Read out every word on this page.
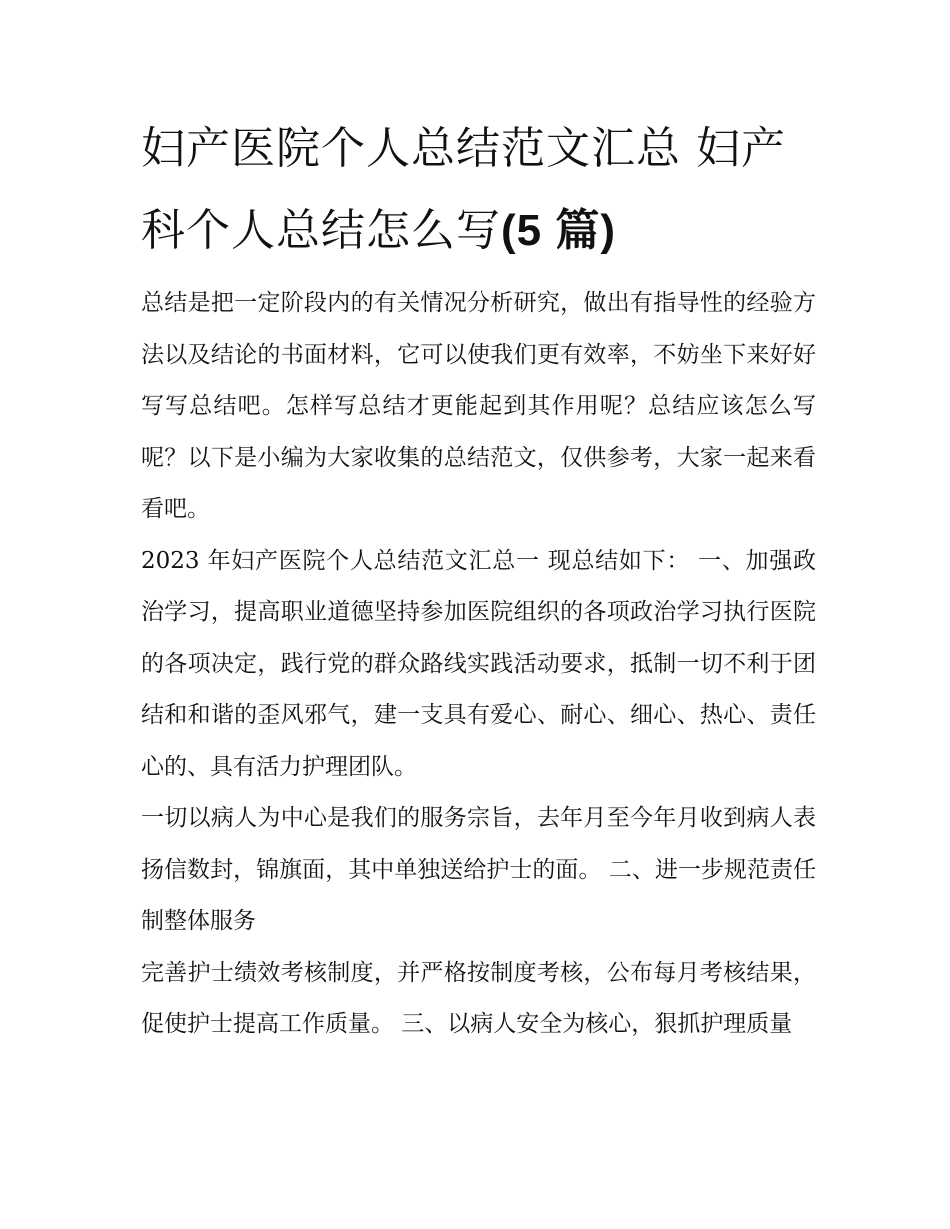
妇产医院个人总结范文汇总 妇产科个人总结怎么写(5 篇)

总结是把一定阶段内的有关情况分析研究，做出有指导性的经验方法以及结论的书面材料，它可以使我们更有效率，不妨坐下来好好写写总结吧。怎样写总结才更能起到其作用呢？总结应该怎么写呢？以下是小编为大家收集的总结范文，仅供参考，大家一起来看看吧。

2023 年妇产医院个人总结范文汇总一 现总结如下： 一、加强政治学习，提高职业道德坚持参加医院组织的各项政治学习执行医院的各项决定，践行党的群众路线实践活动要求，抵制一切不利于团结和和谐的歪风邪气，建一支具有爱心、耐心、细心、热心、责任心的、具有活力护理团队。

一切以病人为中心是我们的服务宗旨，去年月至今年月收到病人表扬信数封，锦旗面，其中单独送给护士的面。 二、进一步规范责任制整体服务

完善护士绩效考核制度，并严格按制度考核，公布每月考核结果，促使护士提高工作质量。 三、以病人安全为核心，狠抓护理质量
